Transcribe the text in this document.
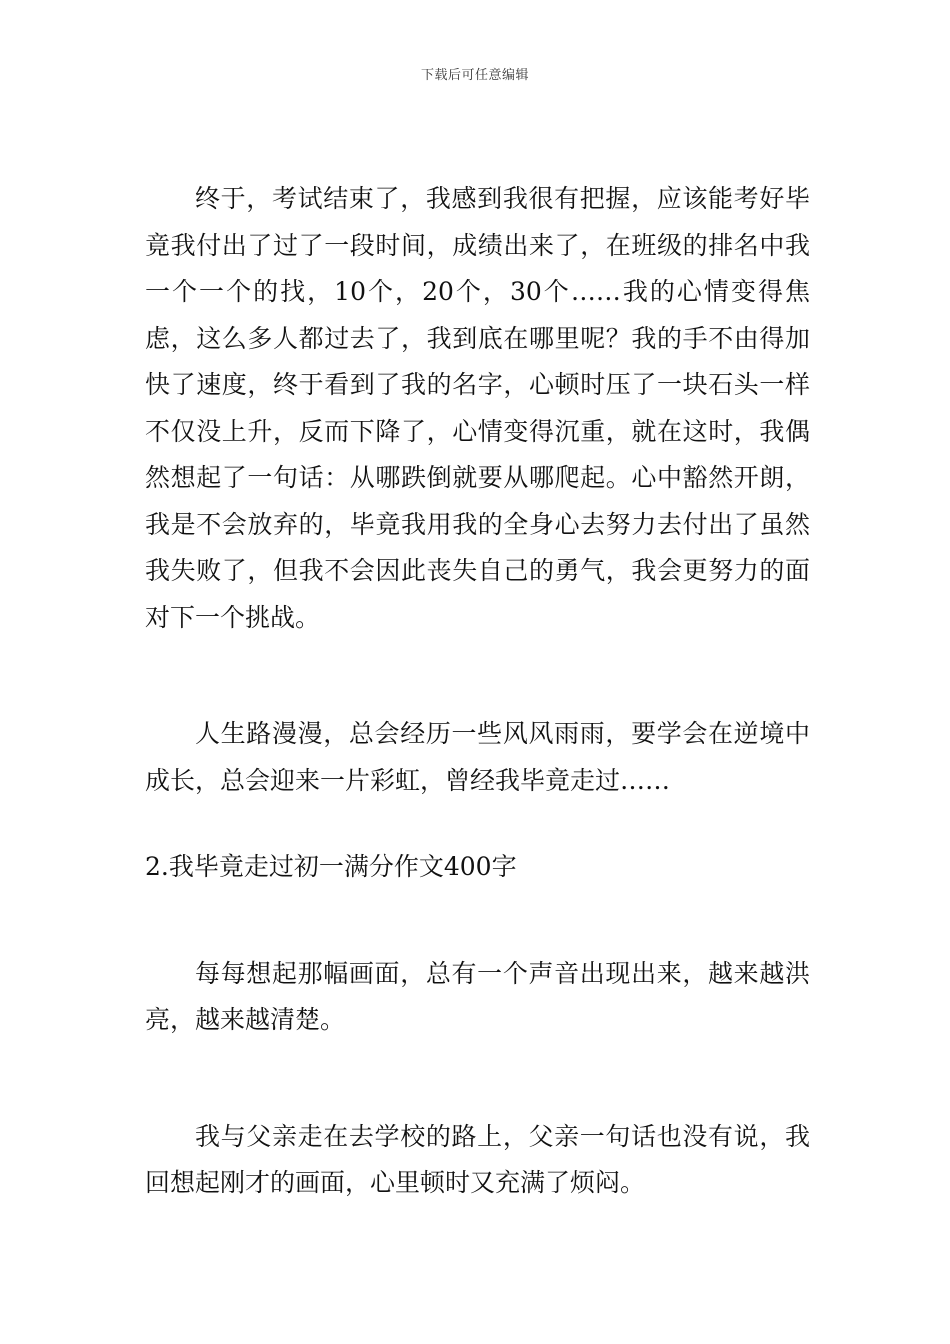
下载后可任意编辑

终于，考试结束了，我感到我很有把握，应该能考好毕竟我付出了过了一段时间，成绩出来了，在班级的排名中我一个一个的找，10个，20个，30个……我的心情变得焦虑，这么多人都过去了，我到底在哪里呢？我的手不由得加快了速度，终于看到了我的名字，心顿时压了一块石头一样不仅没上升，反而下降了，心情变得沉重，就在这时，我偶然想起了一句话：从哪跌倒就要从哪爬起。心中豁然开朗，我是不会放弃的，毕竟我用我的全身心去努力去付出了虽然我失败了，但我不会因此丧失自己的勇气，我会更努力的面对下一个挑战。

人生路漫漫，总会经历一些风风雨雨，要学会在逆境中成长，总会迎来一片彩虹，曾经我毕竟走过……

2.我毕竟走过初一满分作文400字

每每想起那幅画面，总有一个声音出现出来，越来越洪亮，越来越清楚。

我与父亲走在去学校的路上，父亲一句话也没有说，我回想起刚才的画面，心里顿时又充满了烦闷。
